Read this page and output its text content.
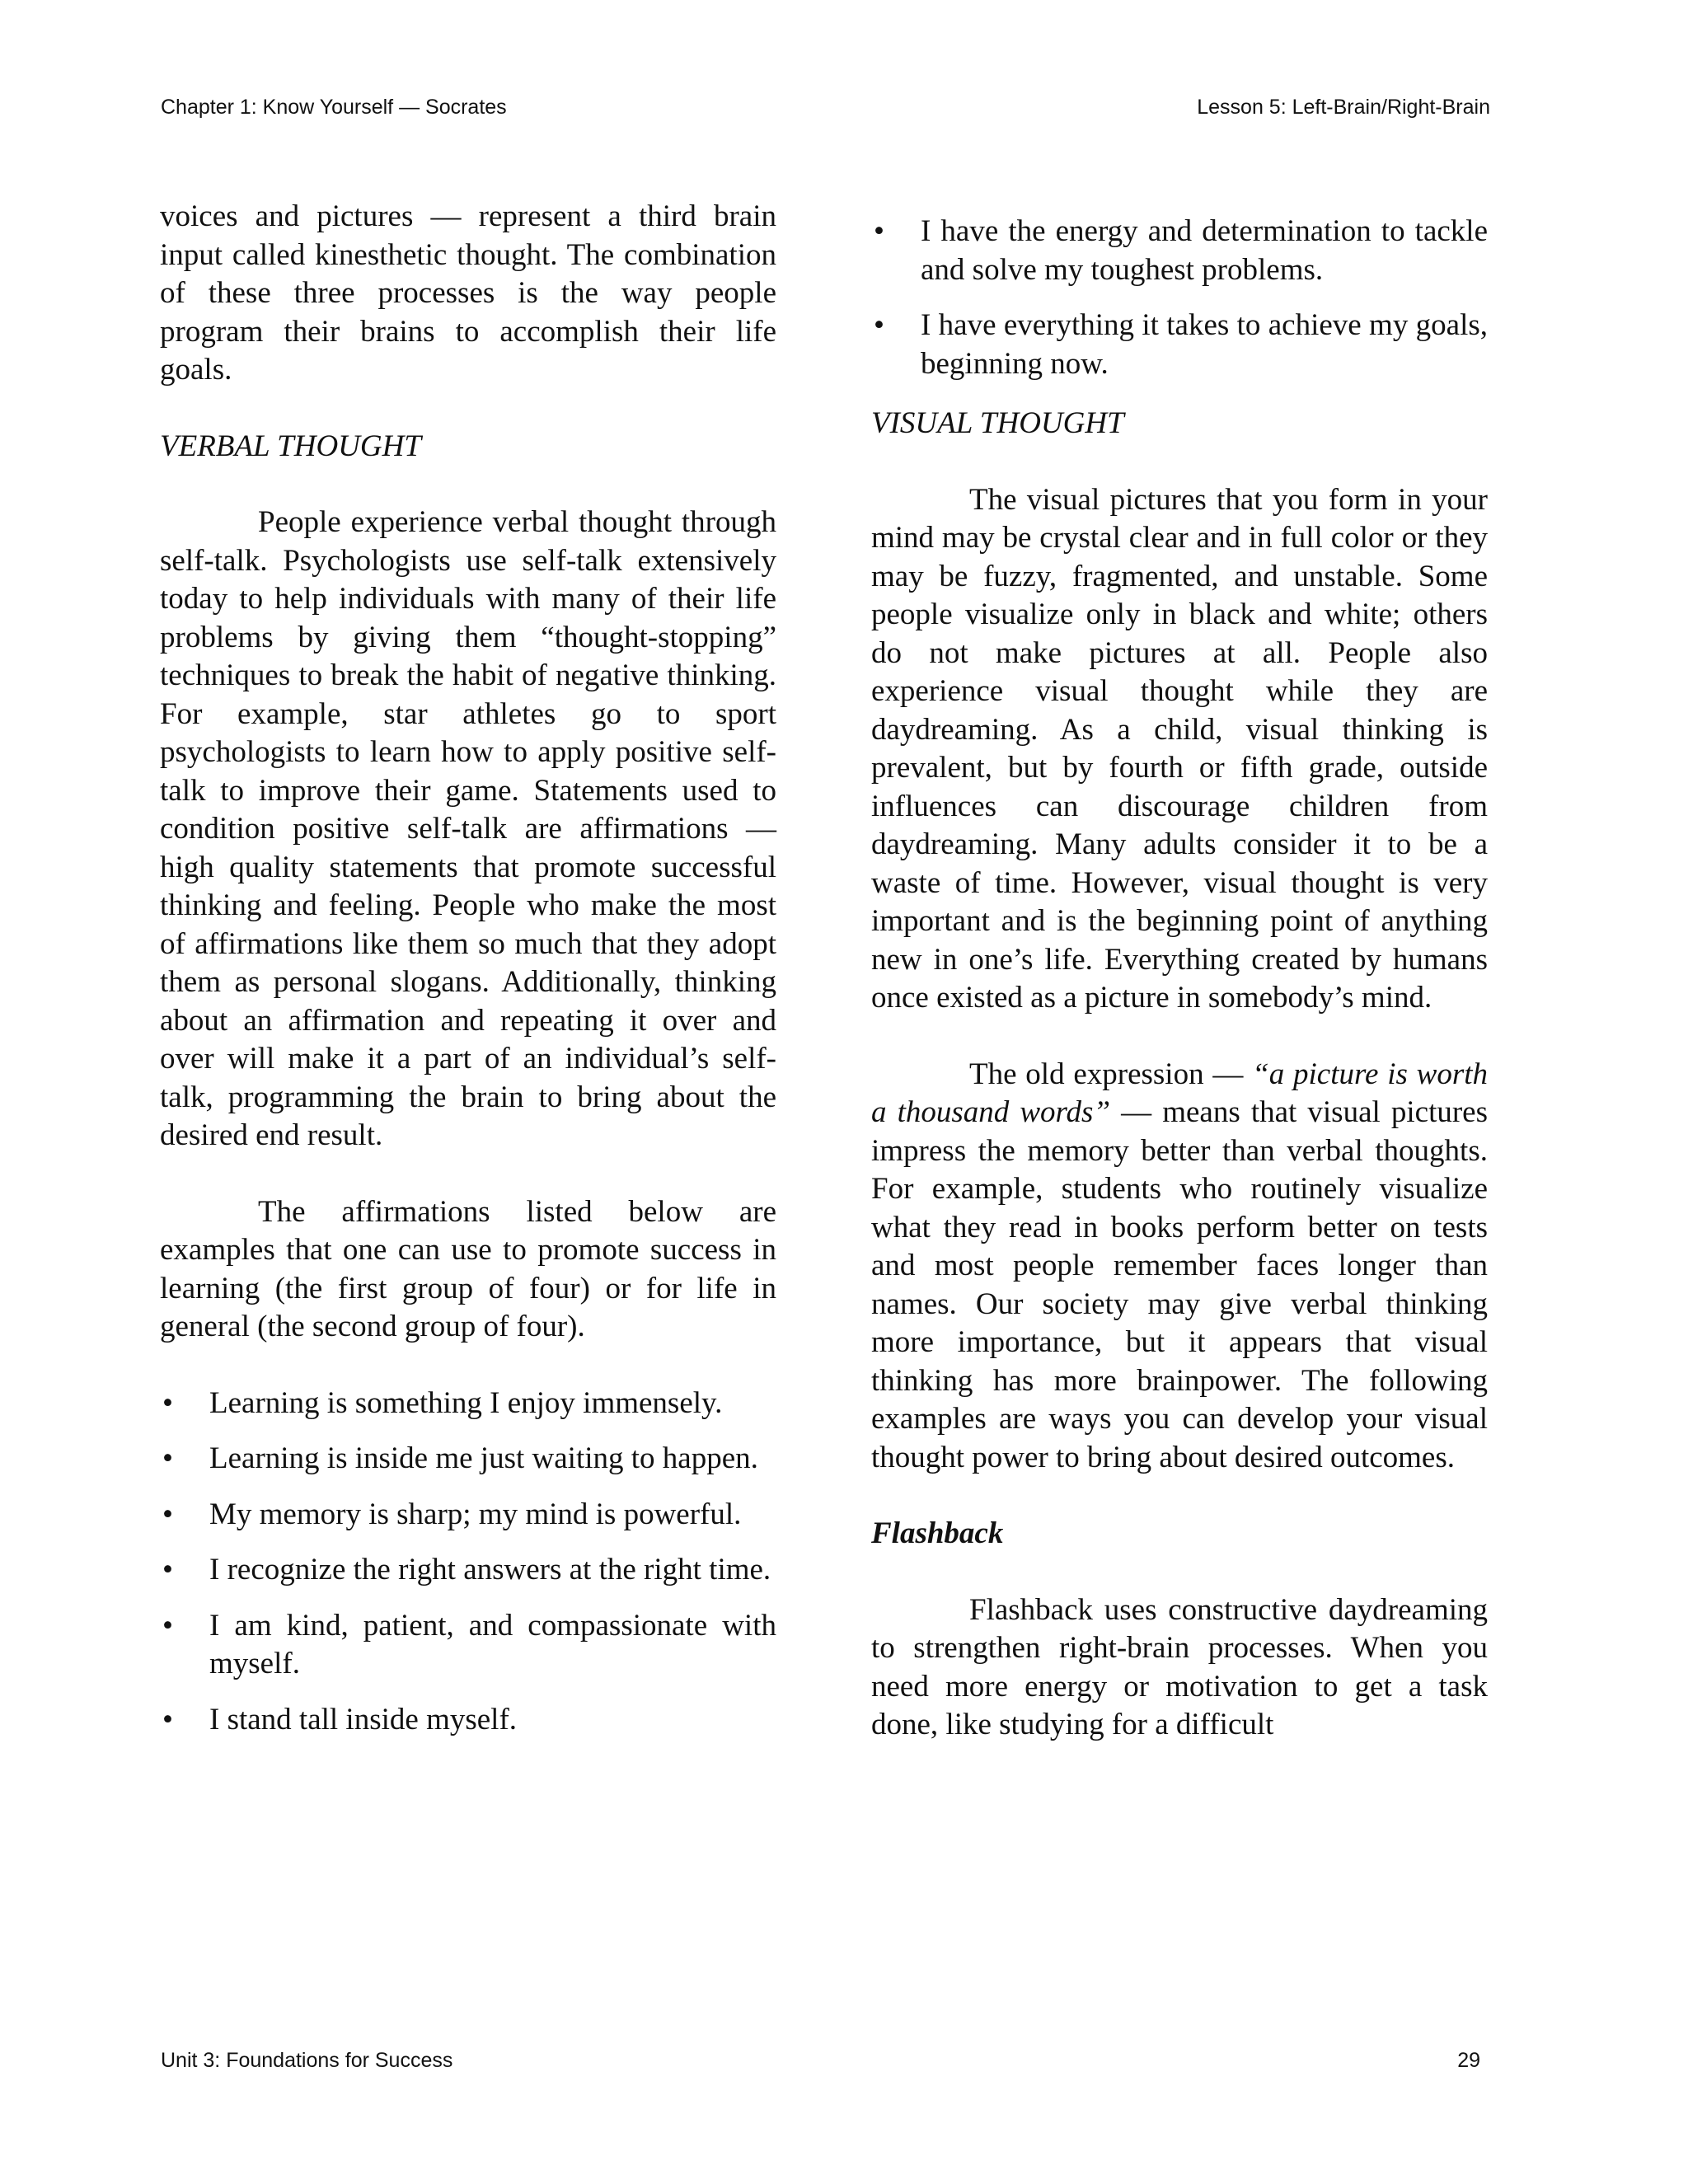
Chapter 1: Know Yourself — Socrates	Lesson 5: Left-Brain/Right-Brain

voices and pictures — represent a third brain input called kinesthetic thought. The combination of these three processes is the way people program their brains to accomplish their life goals.

VERBAL THOUGHT

People experience verbal thought through self-talk. Psychologists use self-talk extensively today to help individuals with many of their life problems by giving them “thought-stopping” techniques to break the habit of negative thinking. For example, star athletes go to sport psychologists to learn how to apply positive self-talk to improve their game. Statements used to condition positive self-talk are affirmations — high quality statements that promote successful thinking and feeling. People who make the most of affirmations like them so much that they adopt them as personal slogans. Additionally, thinking about an affirmation and repeating it over and over will make it a part of an individual’s self-talk, programming the brain to bring about the desired end result.

The affirmations listed below are examples that one can use to promote success in learning (the first group of four) or for life in general (the second group of four).

• Learning is something I enjoy immensely.
• Learning is inside me just waiting to happen.
• My memory is sharp; my mind is powerful.
• I recognize the right answers at the right time.
• I am kind, patient, and compassionate with myself.
• I stand tall inside myself.
• I have the energy and determination to tackle and solve my toughest problems.
• I have everything it takes to achieve my goals, beginning now.
VISUAL THOUGHT

The visual pictures that you form in your mind may be crystal clear and in full color or they may be fuzzy, fragmented, and unstable. Some people visualize only in black and white; others do not make pictures at all. People also experience visual thought while they are daydreaming. As a child, visual thinking is prevalent, but by fourth or fifth grade, outside influences can discourage children from daydreaming. Many adults consider it to be a waste of time. However, visual thought is very important and is the beginning point of anything new in one’s life. Everything created by humans once existed as a picture in somebody’s mind.

The old expression — “a picture is worth a thousand words” — means that visual pictures impress the memory better than verbal thoughts. For example, students who routinely visualize what they read in books perform better on tests and most people remember faces longer than names. Our society may give verbal thinking more importance, but it appears that visual thinking has more brainpower. The following examples are ways you can develop your visual thought power to bring about desired outcomes.

Flashback

Flashback uses constructive daydreaming to strengthen right-brain processes. When you need more energy or motivation to get a task done, like studying for a difficult

Unit 3: Foundations for Success	29
